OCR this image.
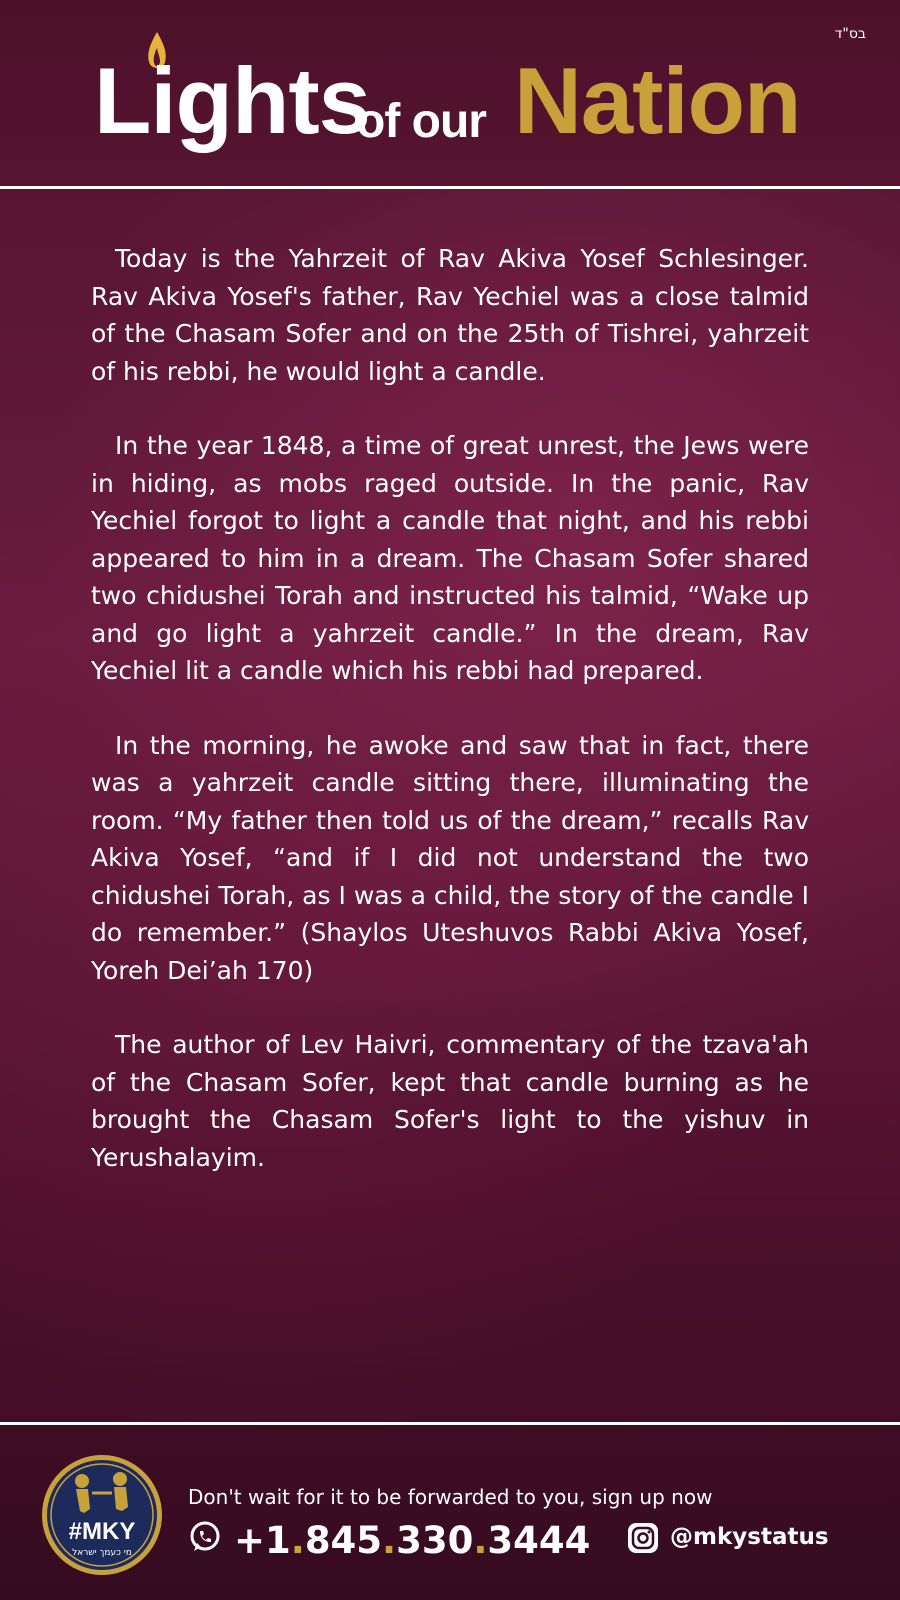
בס"ד
Lights
of our Nation

Today is the Yahrzeit of Rav Akiva Yosef Schlesinger. Rav Akiva Yosef's father, Rav Yechiel was a close talmid of the Chasam Sofer and on the 25th of Tishrei, yahrzeit of his rebbi, he would light a candle.

In the year 1848, a time of great unrest, the Jews were in hiding, as mobs raged outside. In the panic, Rav Yechiel forgot to light a candle that night, and his rebbi appeared to him in a dream. The Chasam Sofer shared two chidushei Torah and instructed his talmid, “Wake up and go light a yahrzeit candle.” In the dream, Rav Yechiel lit a candle which his rebbi had prepared.

In the morning, he awoke and saw that in fact, there was a yahrzeit candle sitting there, illuminating the room. “My father then told us of the dream,” recalls Rav Akiva Yosef, “and if I did not understand the two chidushei Torah, as I was a child, the story of the candle I do remember.” (Shaylos Uteshuvos Rabbi Akiva Yosef, Yoreh Dei’ah 170)

The author of Lev Haivri, commentary of the tzava'ah of the Chasam Sofer, kept that candle burning as he brought the Chasam Sofer's light to the yishuv in Yerushalayim.

#MKY
מי כעמך ישראל
Don't wait for it to be forwarded to you, sign up now
+1.845.330.3444	@mkystatus
